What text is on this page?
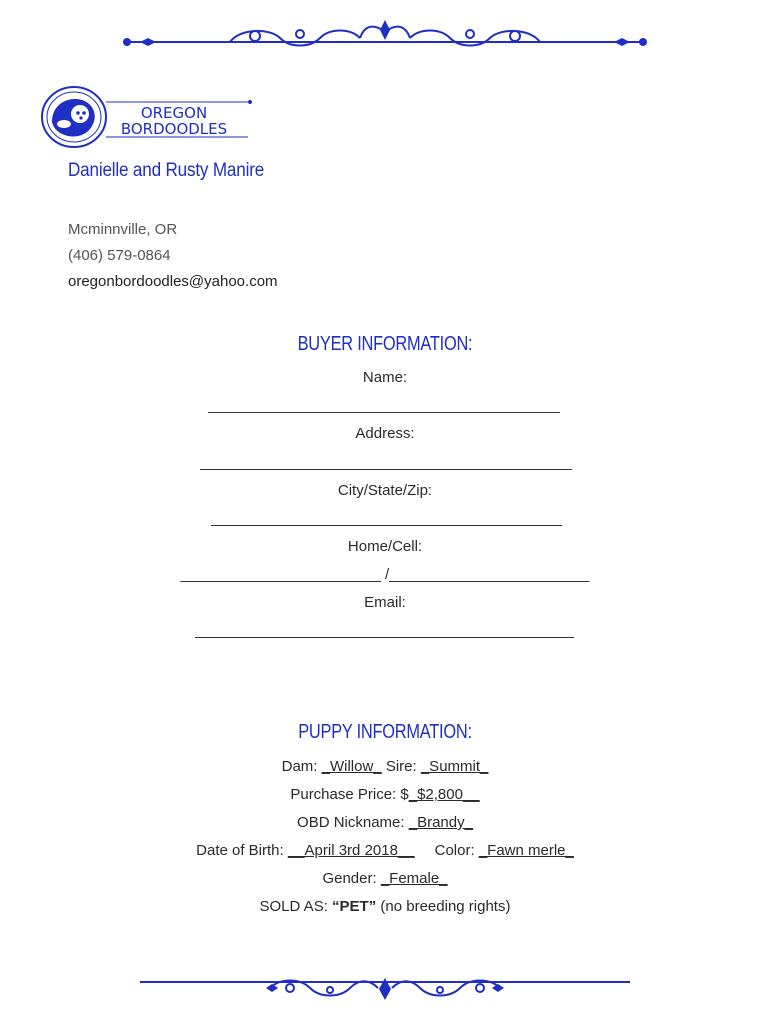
OREGON
BORDOODLES
Danielle and Rusty Manire
Mcminnville, OR
(406) 579-0864
oregonbordoodles@yahoo.com
BUYER INFORMATION:
Name:
Address:
City/State/Zip:
Home/Cell:
________________________ /________________________
Email:
PUPPY INFORMATION:
Dam: _Willow_ Sire: _Summit_
Purchase Price: $_$2,800__
OBD Nickname: _Brandy_
Date of Birth: __April 3rd 2018__ Color: _Fawn merle_
Gender: _Female_
SOLD AS: “PET” (no breeding rights)
